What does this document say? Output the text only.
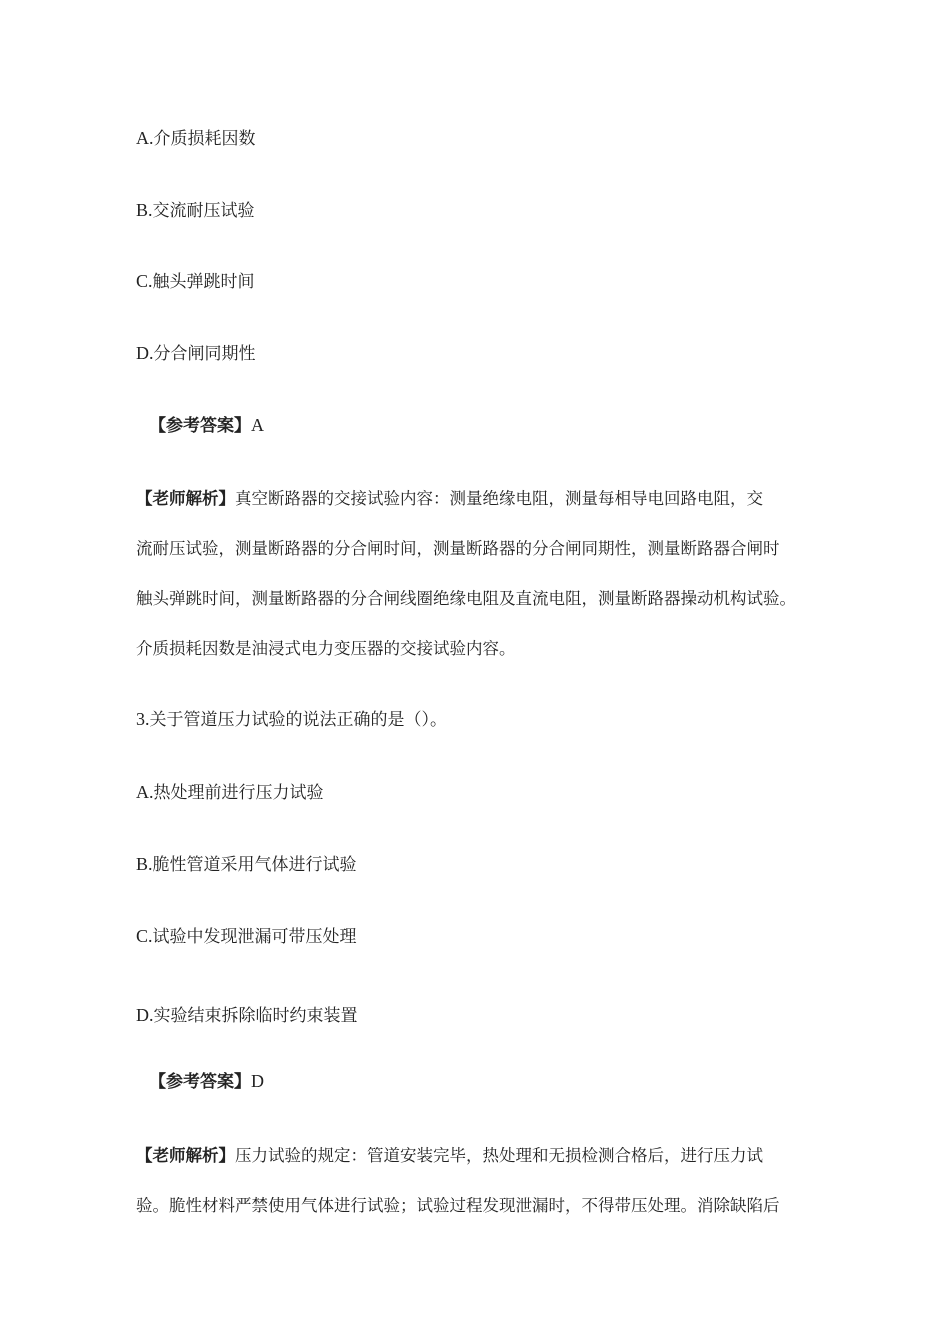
A.介质损耗因数
B.交流耐压试验
C.触头弹跳时间
D.分合闸同期性
【参考答案】A
【老师解析】真空断路器的交接试验内容：测量绝缘电阻，测量每相导电回路电阻，交
流耐压试验，测量断路器的分合闸时间，测量断路器的分合闸同期性，测量断路器合闸时
触头弹跳时间，测量断路器的分合闸线圈绝缘电阻及直流电阻，测量断路器操动机构试验。
介质损耗因数是油浸式电力变压器的交接试验内容。
3.关于管道压力试验的说法正确的是（）。
A.热处理前进行压力试验
B.脆性管道采用气体进行试验
C.试验中发现泄漏可带压处理
D.实验结束拆除临时约束装置
【参考答案】D
【老师解析】压力试验的规定：管道安装完毕，热处理和无损检测合格后，进行压力试
验。脆性材料严禁使用气体进行试验；试验过程发现泄漏时，不得带压处理。消除缺陷后
